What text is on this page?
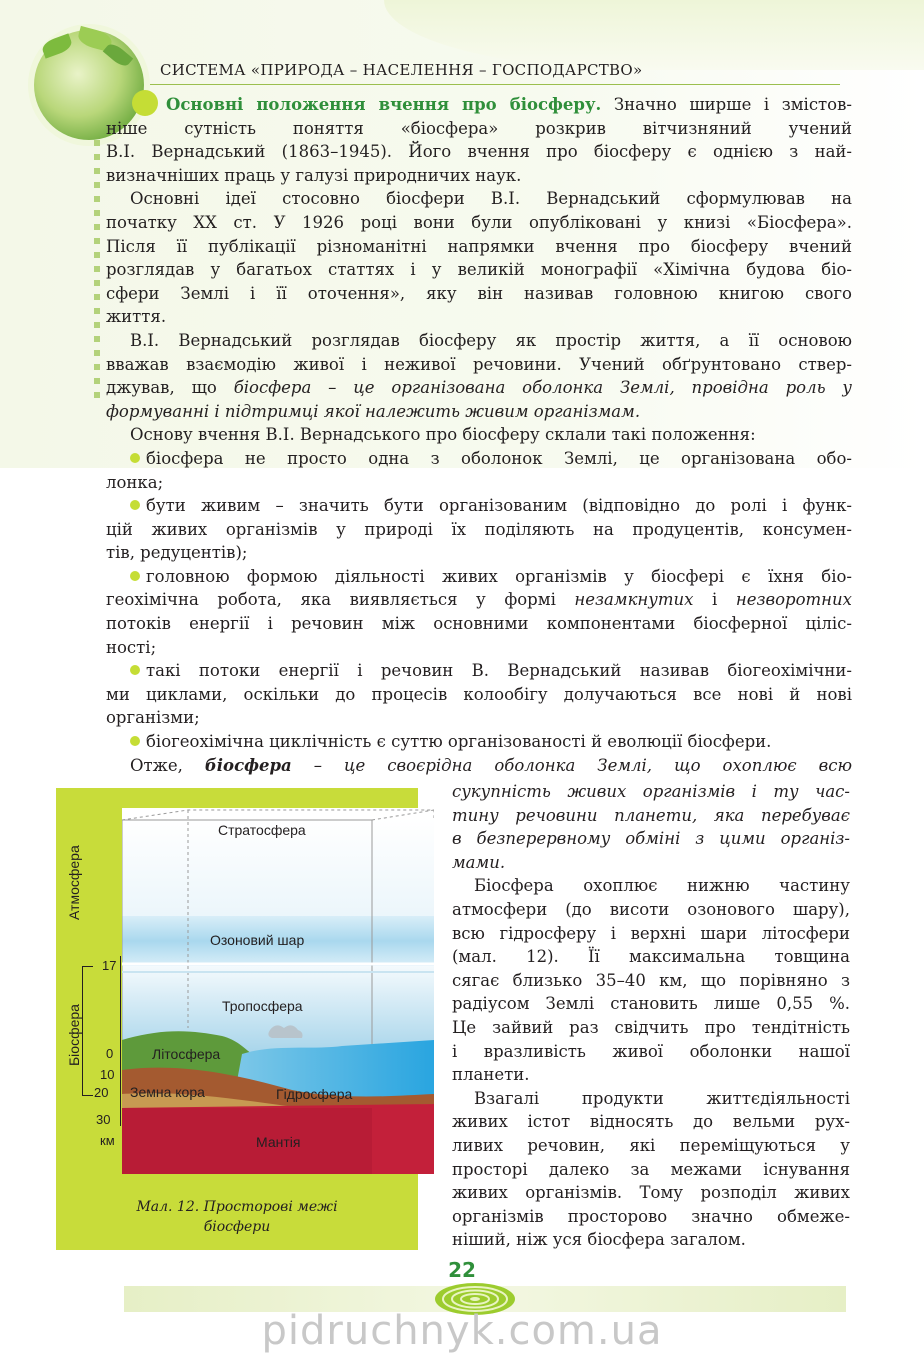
СИСТЕМА «ПРИРОДА – НАСЕЛЕННЯ – ГОСПОДАРСТВО»

Основні положення вчення про біосферу. Значно ширше і змістов-
ніше сутність поняття «біосфера» розкрив вітчизняний учений
В.І. Вернадський (1863–1945). Його вчення про біосферу є однією з най-
визначніших праць у галузі природничих наук.

Основні ідеї стосовно біосфери В.І. Вернадський сформулював на
початку XX ст. У 1926 році вони були опубліковані у книзі «Біосфера».
Після її публікації різноманітні напрямки вчення про біосферу вчений
розглядав у багатьох статтях і у великій монографії «Хімічна будова біо-
сфери Землі і її оточення», яку він називав головною книгою свого
життя.

В.І. Вернадський розглядав біосферу як простір життя, а її основою
вважав взаємодію живої і неживої речовини. Учений обґрунтовано ствер-
джував, що біосфера – це організована оболонка Землі, провідна роль у
формуванні і підтримці якої належить живим організмам.

Основу вчення В.І. Вернадського про біосферу склали такі положення:

біосфера не просто одна з оболонок Землі, це організована обо-
лонка;

бути живим – значить бути організованим (відповідно до ролі і функ-
цій живих організмів у природі їх поділяють на продуцентів, консумен-
тів, редуцентів);

головною формою діяльності живих організмів у біосфері є їхня біо-
геохімічна робота, яка виявляється у формі незамкнутих і незворотних
потоків енергії і речовин між основними компонентами біосферної ціліс-
ності;

такі потоки енергії і речовин В. Вернадський називав біогеохімічни-
ми циклами, оскільки до процесів колообігу долучаються все нові й нові
організми;

біогеохімічна циклічність є суттю організованості й еволюції біосфери.

Отже, біосфера – це своєрідна оболонка Землі, що охоплює всю

Стратосфера
Озоновий шар
Тропосфера
Літосфера
Земна кора	Гідросфера
Мантія
Атмосфера
Біосфера
17
0
10
20
30
км
Мал. 12. Просторові межі
біосфери
сукупність живих організмів і ту час-
тину речовини планети, яка перебуває
в безперервному обміні з цими організ-
мами.
Біосфера охоплює нижню частину
атмосфери (до висоти озонового шару),
всю гідросферу і верхні шари літосфери
(мал. 12). Її максимальна товщина
сягає близько 35–40 км, що порівняно з
радіусом Землі становить лише 0,55 %.
Це зайвий раз свідчить про тендітність
і вразливість живої оболонки нашої
планети.
Взагалі продукти життєдіяльності
живих істот відносять до вельми рух-
ливих речовин, які переміщуються у
просторі далеко за межами існування
живих організмів. Тому розподіл живих
організмів просторово значно обмеже-
ніший, ніж уся біосфера загалом.
22
pidruchnyk.com.ua
